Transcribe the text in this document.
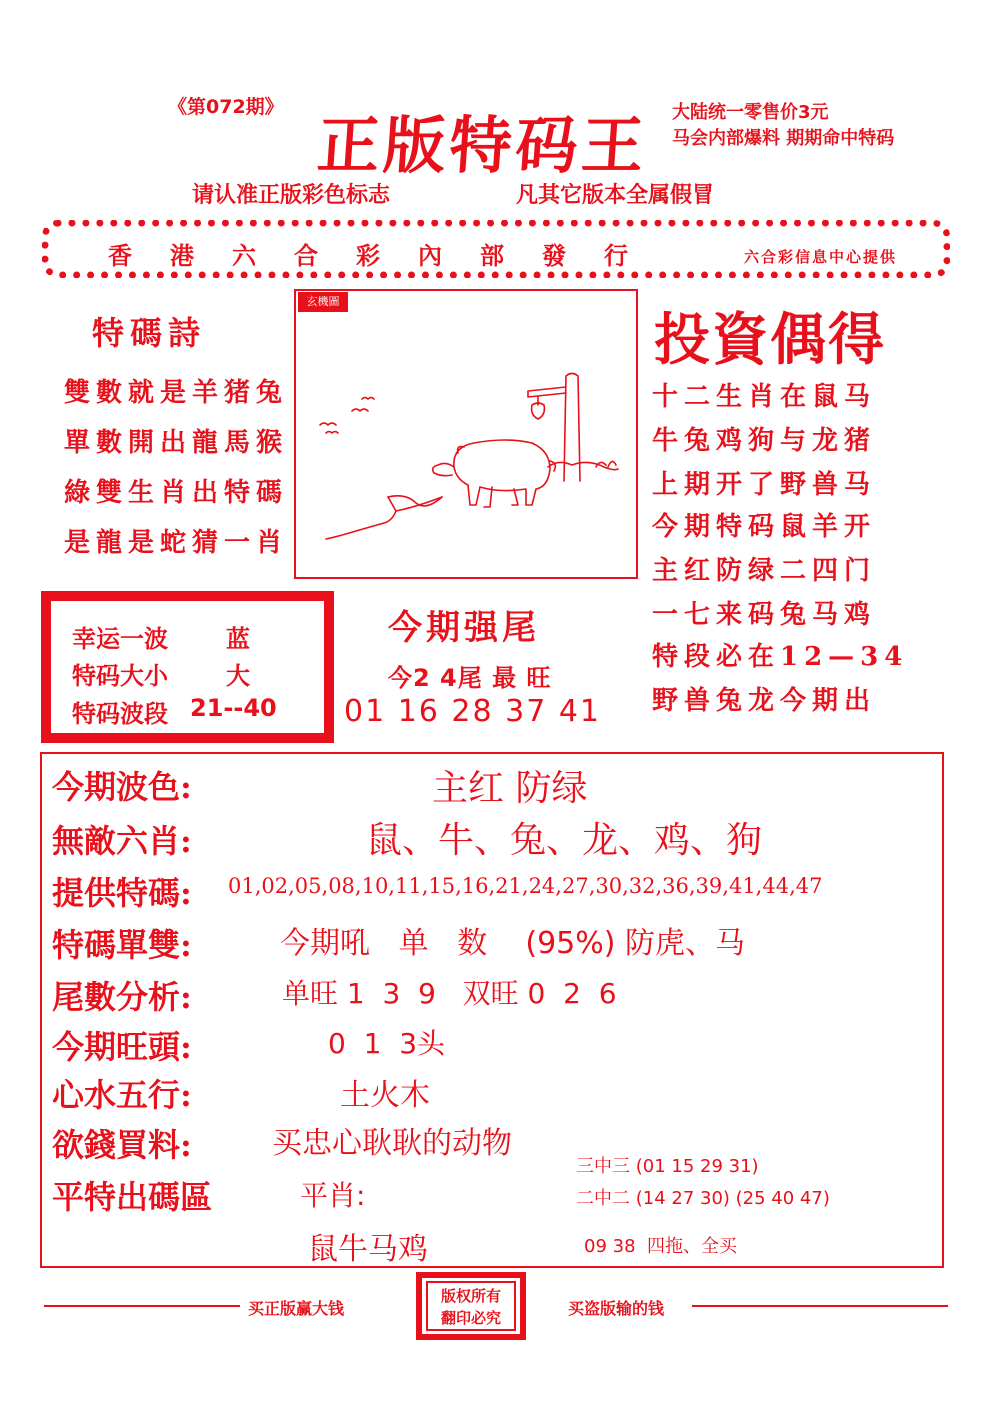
《第072期》
正版特码王 大陆统一零售价3元
马会内部爆料 期期命中特码
请认准正版彩色标志	凡其它版本全属假冒
香港六合彩內部發行	六合彩信息中心提供
特碼詩
雙數就是羊猪兔
單數開出龍馬猴
綠雙生肖出特碼
是龍是蛇猜一肖
玄機圖
投資偶得
十二生肖在鼠马
牛兔鸡狗与龙猪
上期开了野兽马
今期特码鼠羊开
主红防绿二四门
一七来码兔马鸡
特段必在12—34
野兽兔龙今期出
幸运一波 蓝
特码大小 大
特码波段 21--40
今期强尾
今2 4尾 最 旺
01 16 28 37 41
今期波色:	主红 防绿
無敵六肖:	鼠、牛、兔、龙、鸡、狗
提供特碼: 01,02,05,08,10,11,15,16,21,24,27,30,32,36,39,41,44,47
特碼單雙:	今期吼   单   数    (95%) 防虎、马
尾數分析:	单旺 1  3  9   双旺 0  2  6
今期旺頭:	0  1  3头
心水五行:	土火木
欲錢買料:	买忠心耿耿的动物
平特出碼區	平肖:
鼠牛马鸡
三中三 (01 15 29 31)
二中二 (14 27 30) (25 40 47)
09 38  四拖、全买
买正版赢大钱
版权所有
翻印必究	买盗版输的钱
